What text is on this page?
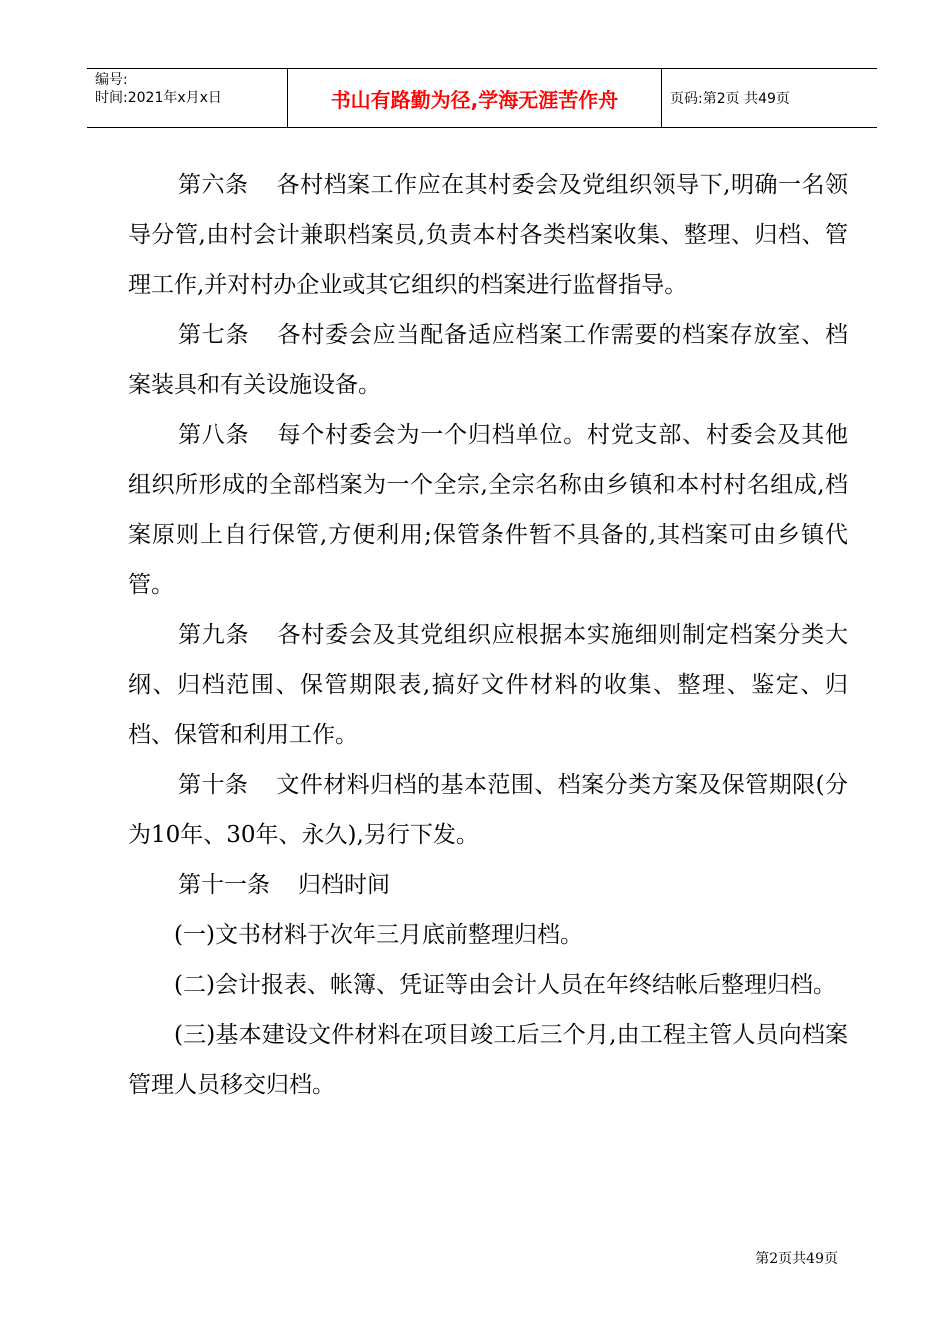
编号:
时间:2021年x月x日	书山有路勤为径,学海无涯苦作舟	页码:第2页 共49页

第六条 各村档案工作应在其村委会及党组织领导下,明确一名领导分管,由村会计兼职档案员,负责本村各类档案收集、整理、归档、管理工作,并对村办企业或其它组织的档案进行监督指导。

第七条 各村委会应当配备适应档案工作需要的档案存放室、档案装具和有关设施设备。

第八条 每个村委会为一个归档单位。村党支部、村委会及其他组织所形成的全部档案为一个全宗,全宗名称由乡镇和本村村名组成,档案原则上自行保管,方便利用;保管条件暂不具备的,其档案可由乡镇代管。

第九条 各村委会及其党组织应根据本实施细则制定档案分类大纲、归档范围、保管期限表,搞好文件材料的收集、整理、鉴定、归档、保管和利用工作。

第十条 文件材料归档的基本范围、档案分类方案及保管期限(分为10年、30年、永久),另行下发。

第十一条 归档时间

(一)文书材料于次年三月底前整理归档。

(二)会计报表、帐簿、凭证等由会计人员在年终结帐后整理归档。

(三)基本建设文件材料在项目竣工后三个月,由工程主管人员向档案管理人员移交归档。

第2页共49页
